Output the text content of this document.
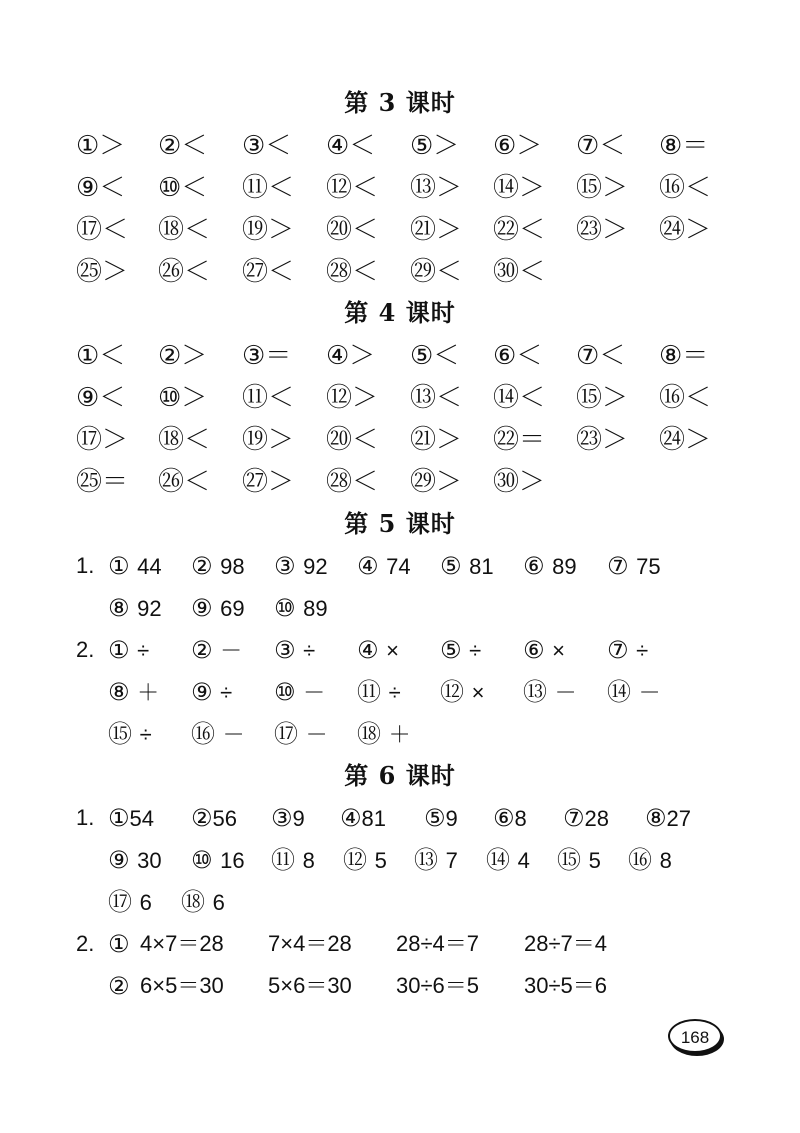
第 3 课时
①＞ ②＜ ③＜ ④＜ ⑤＞ ⑥＞ ⑦＜ ⑧＝
⑨＜ ⑩＜ ⑪＜ ⑫＜ ⑬＞ ⑭＞ ⑮＞ ⑯＜
⑰＜ ⑱＜ ⑲＞ ⑳＜ ㉑＞ ㉒＜ ㉓＞ ㉔＞
㉕＞ ㉖＜ ㉗＜ ㉘＜ ㉙＜ ㉚＜
第 4 课时
①＜ ②＞ ③＝ ④＞ ⑤＜ ⑥＜ ⑦＜ ⑧＝
⑨＜ ⑩＞ ⑪＜ ⑫＞ ⑬＜ ⑭＜ ⑮＞ ⑯＜
⑰＞ ⑱＜ ⑲＞ ⑳＜ ㉑＞ ㉒＝ ㉓＞ ㉔＞
㉕＝ ㉖＜ ㉗＞ ㉘＜ ㉙＞ ㉚＞
第 5 课时
1. ① 44 ② 98 ③ 92 ④ 74 ⑤ 81 ⑥ 89 ⑦ 75
⑧ 92 ⑨ 69 ⑩ 89
2. ① ÷ ② － ③ ÷ ④ × ⑤ ÷ ⑥ × ⑦ ÷
⑧ ＋ ⑨ ÷ ⑩ － ⑪ ÷ ⑫ × ⑬ － ⑭ －
⑮ ÷ ⑯ － ⑰ － ⑱ ＋
第 6 课时
1. ①54 ②56 ③9 ④81 ⑤9 ⑥8 ⑦28 ⑧27
⑨ 30 ⑩ 16 ⑪ 8 ⑫ 5 ⑬ 7 ⑭ 4 ⑮ 5 ⑯ 8
⑰ 6 ⑱ 6
2. ① 4×7＝28 7×4＝28 28÷4＝7 28÷7＝4
② 6×5＝30 5×6＝30 30÷6＝5 30÷5＝6
168
